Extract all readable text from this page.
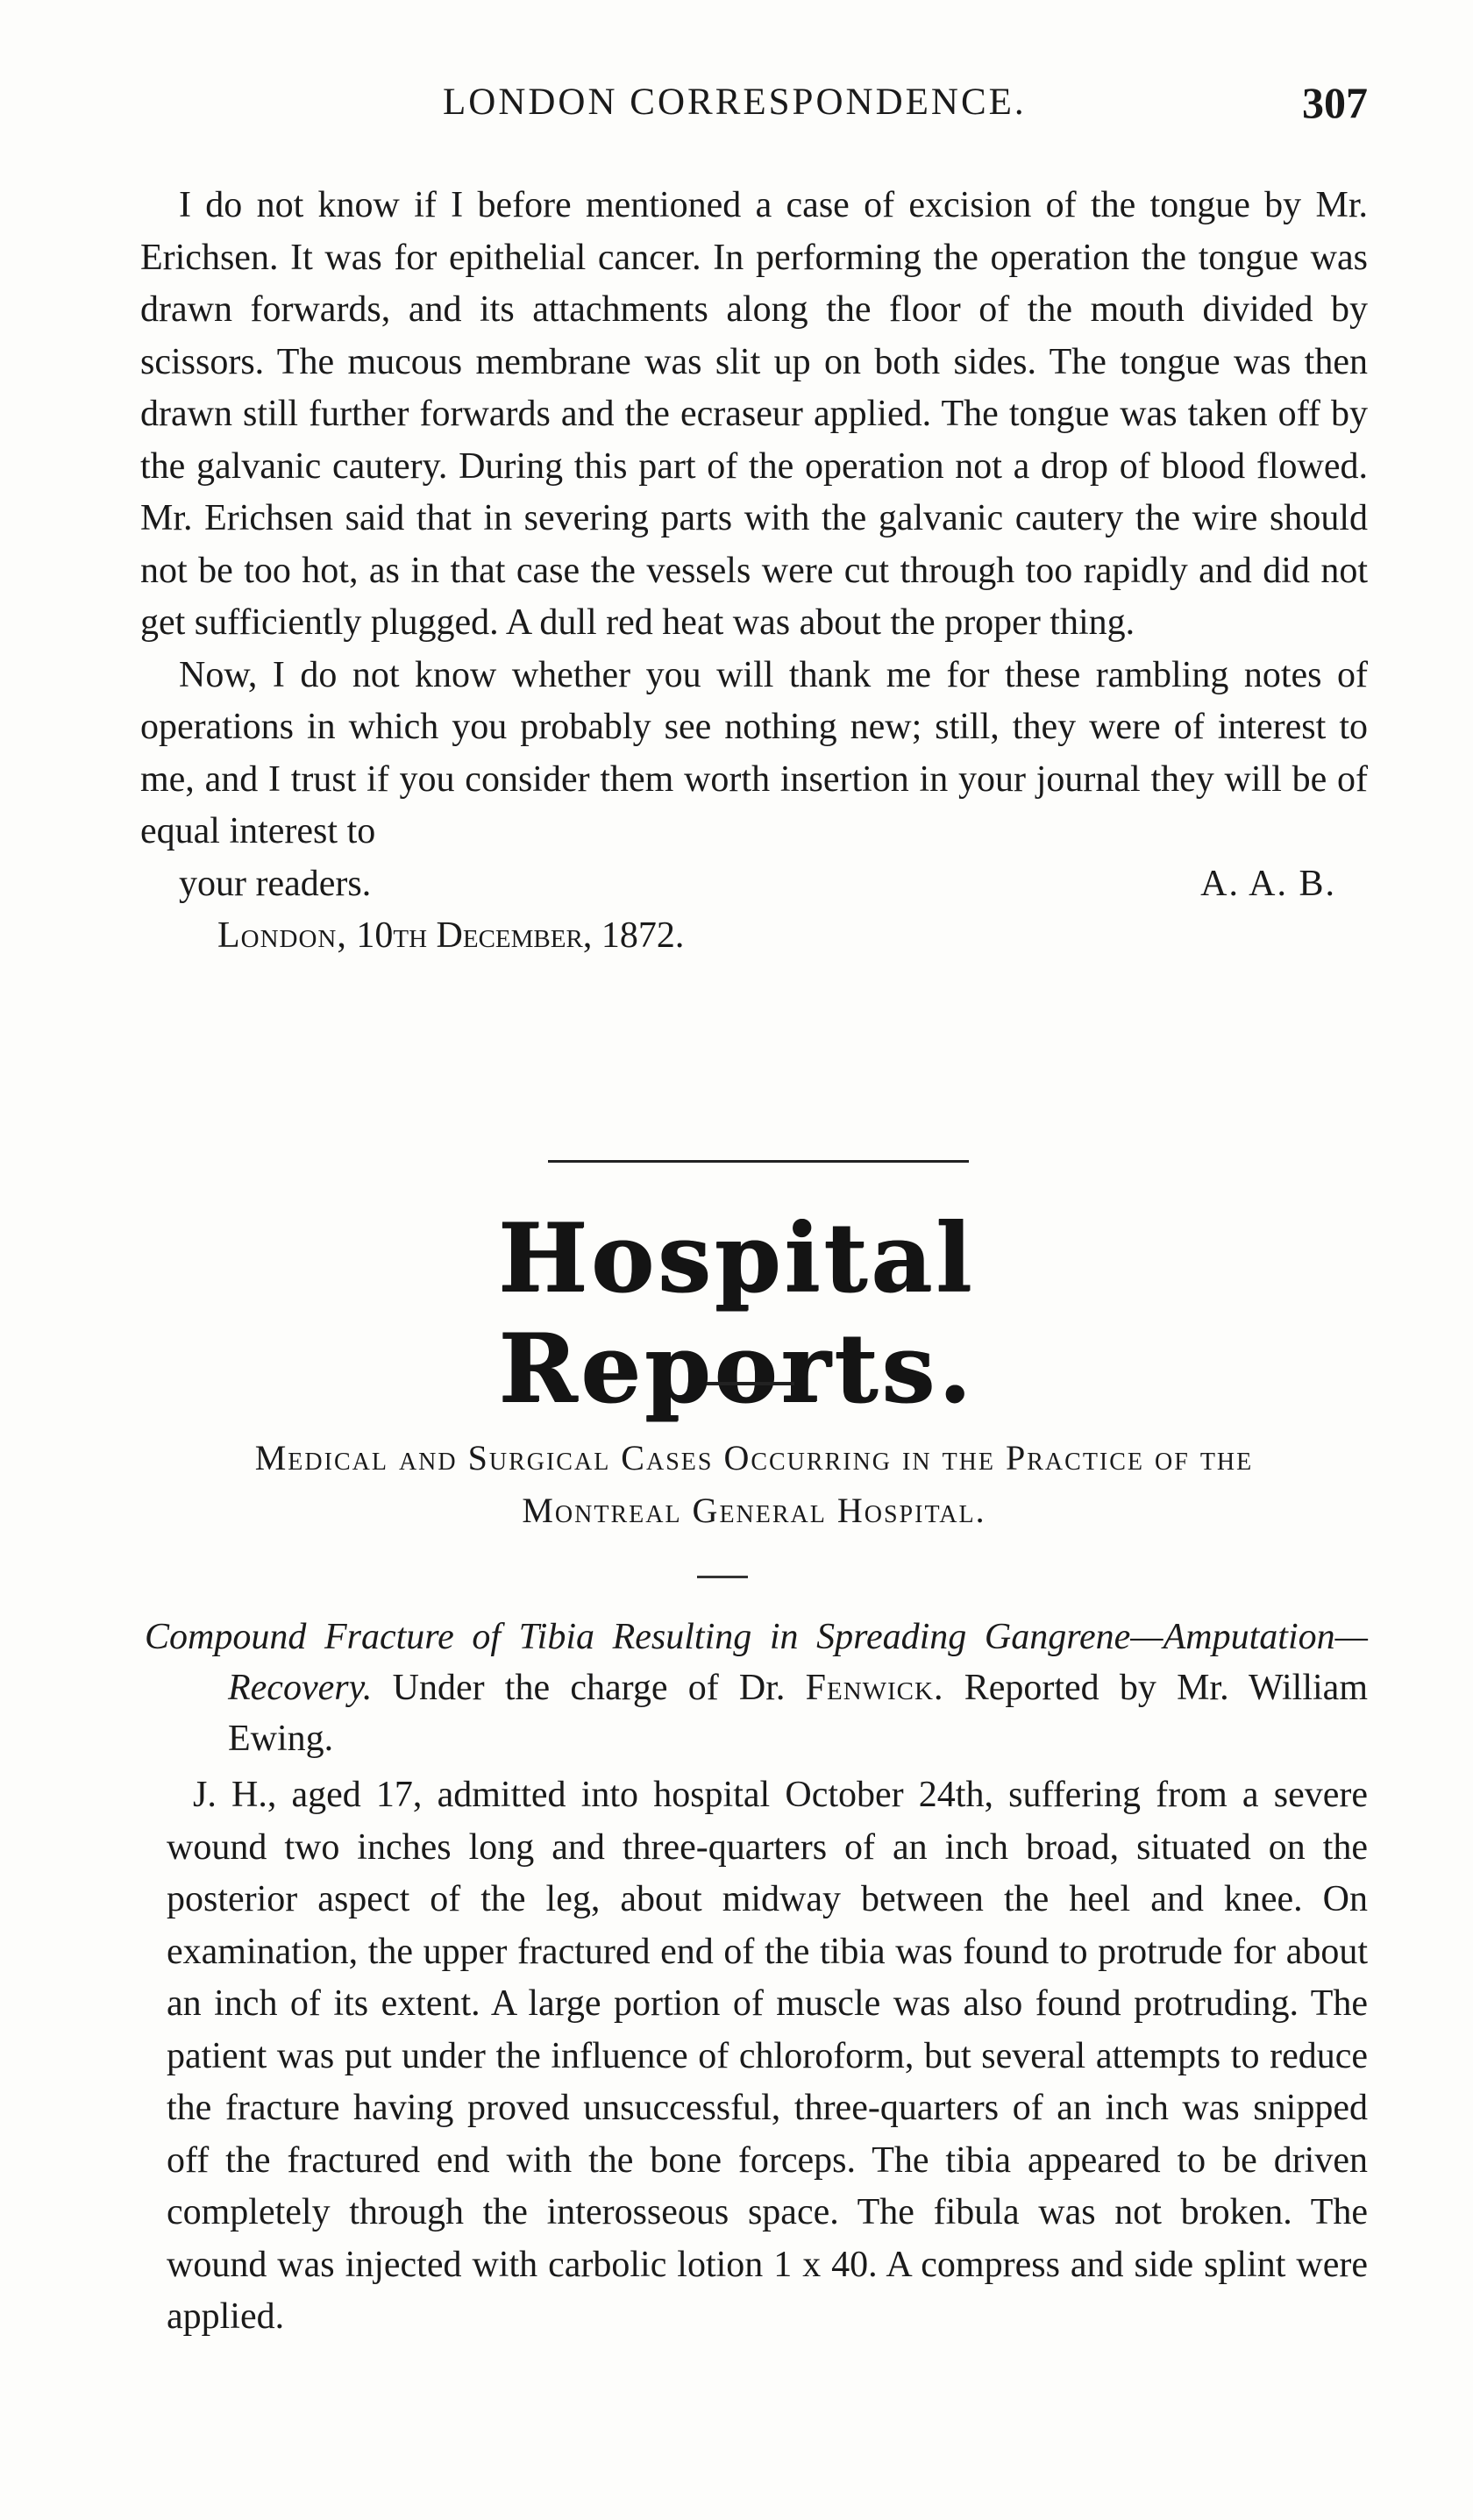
LONDON CORRESPONDENCE.	307

I do not know if I before mentioned a case of excision of the tongue by Mr. Erichsen. It was for epithelial cancer. In performing the operation the tongue was drawn forwards, and its attachments along the floor of the mouth divided by scissors. The mucous membrane was slit up on both sides. The tongue was then drawn still further forwards and the ecraseur applied. The tongue was taken off by the galvanic cautery. During this part of the operation not a drop of blood flowed. Mr. Erichsen said that in severing parts with the galvanic cautery the wire should not be too hot, as in that case the vessels were cut through too rapidly and did not get sufficiently plugged. A dull red heat was about the proper thing.

Now, I do not know whether you will thank me for these rambling notes of operations in which you probably see nothing new; still, they were of interest to me, and I trust if you consider them worth insertion in your journal they will be of equal interest to

your readers.	A. A. B.

London, 10th December, 1872.

Hospital Reports.
Medical and Surgical Cases Occurring in the Practice of the
Montreal General Hospital.
Compound Fracture of Tibia Resulting in Spreading Gangrene—Amputation—Recovery. Under the charge of Dr. Fenwick. Reported by Mr. William Ewing.

J. H., aged 17, admitted into hospital October 24th, suffering from a severe wound two inches long and three-quarters of an inch broad, situated on the posterior aspect of the leg, about midway between the heel and knee. On examination, the upper fractured end of the tibia was found to protrude for about an inch of its extent. A large portion of muscle was also found protruding. The patient was put under the influence of chloroform, but several attempts to reduce the fracture having proved unsuccessful, three-quarters of an inch was snipped off the fractured end with the bone forceps. The tibia appeared to be driven completely through the interosseous space. The fibula was not broken. The wound was injected with carbolic lotion 1 x 40. A compress and side splint were applied.
